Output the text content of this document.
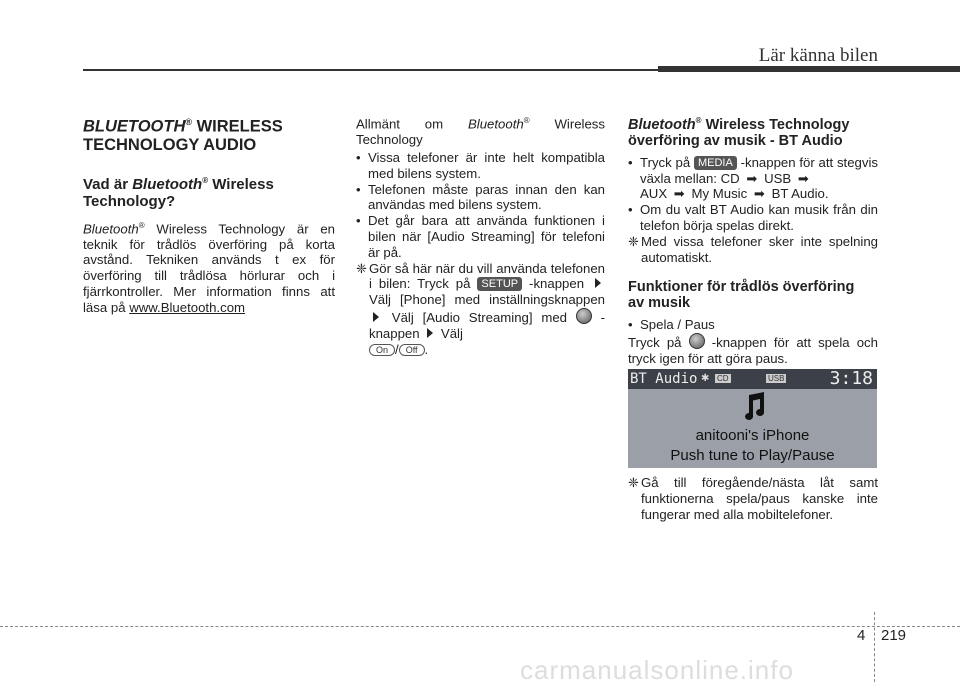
Lär känna bilen
BLUETOOTH® WIRELESS
TECHNOLOGY AUDIO
Vad är Bluetooth® Wireless
Technology?

Bluetooth® Wireless Technology är en teknik för trådlös överföring på korta avstånd. Tekniken används t ex för överföring till trådlösa hörlurar och i fjärrkontroller. Mer information finns att läsa på www.Bluetooth.com

Allmänt om Bluetooth® Wireless Technology

• Vissa telefoner är inte helt kompatibla med bilens system.
• Telefonen måste paras innan den kan användas med bilens system.
• Det går bara att använda funktionen i bilen när [Audio Streaming] för telefoni är på.
❈ Gör så här när du vill använda telefonen i bilen: Tryck på SETUP -knappen  Välj [Phone] med inställningsknappen  Välj [Audio Streaming] med  -knappen  Välj
On / Off .
Bluetooth® Wireless Technology
överföring av musik - BT Audio
• Tryck på MEDIA -knappen för att stegvis växla mellan: CD ➡ USB ➡
AUX ➡ My Music ➡ BT Audio.
• Om du valt BT Audio kan musik från din telefon börja spelas direkt.
❈ Med vissa telefoner sker inte spelning automatiskt.
Funktioner för trådlös överföring
av musik
• Spela / Paus

Tryck på  -knappen för att spela och tryck igen för att göra paus.

BT Audio ✱ CD	USB	3:18
anitooni's iPhone
Push tune to Play/Pause
❈ Gå till föregående/nästa låt samt funktionerna spela/paus kanske inte fungerar med alla mobiltelefoner.
4 219
carmanualsonline.info
